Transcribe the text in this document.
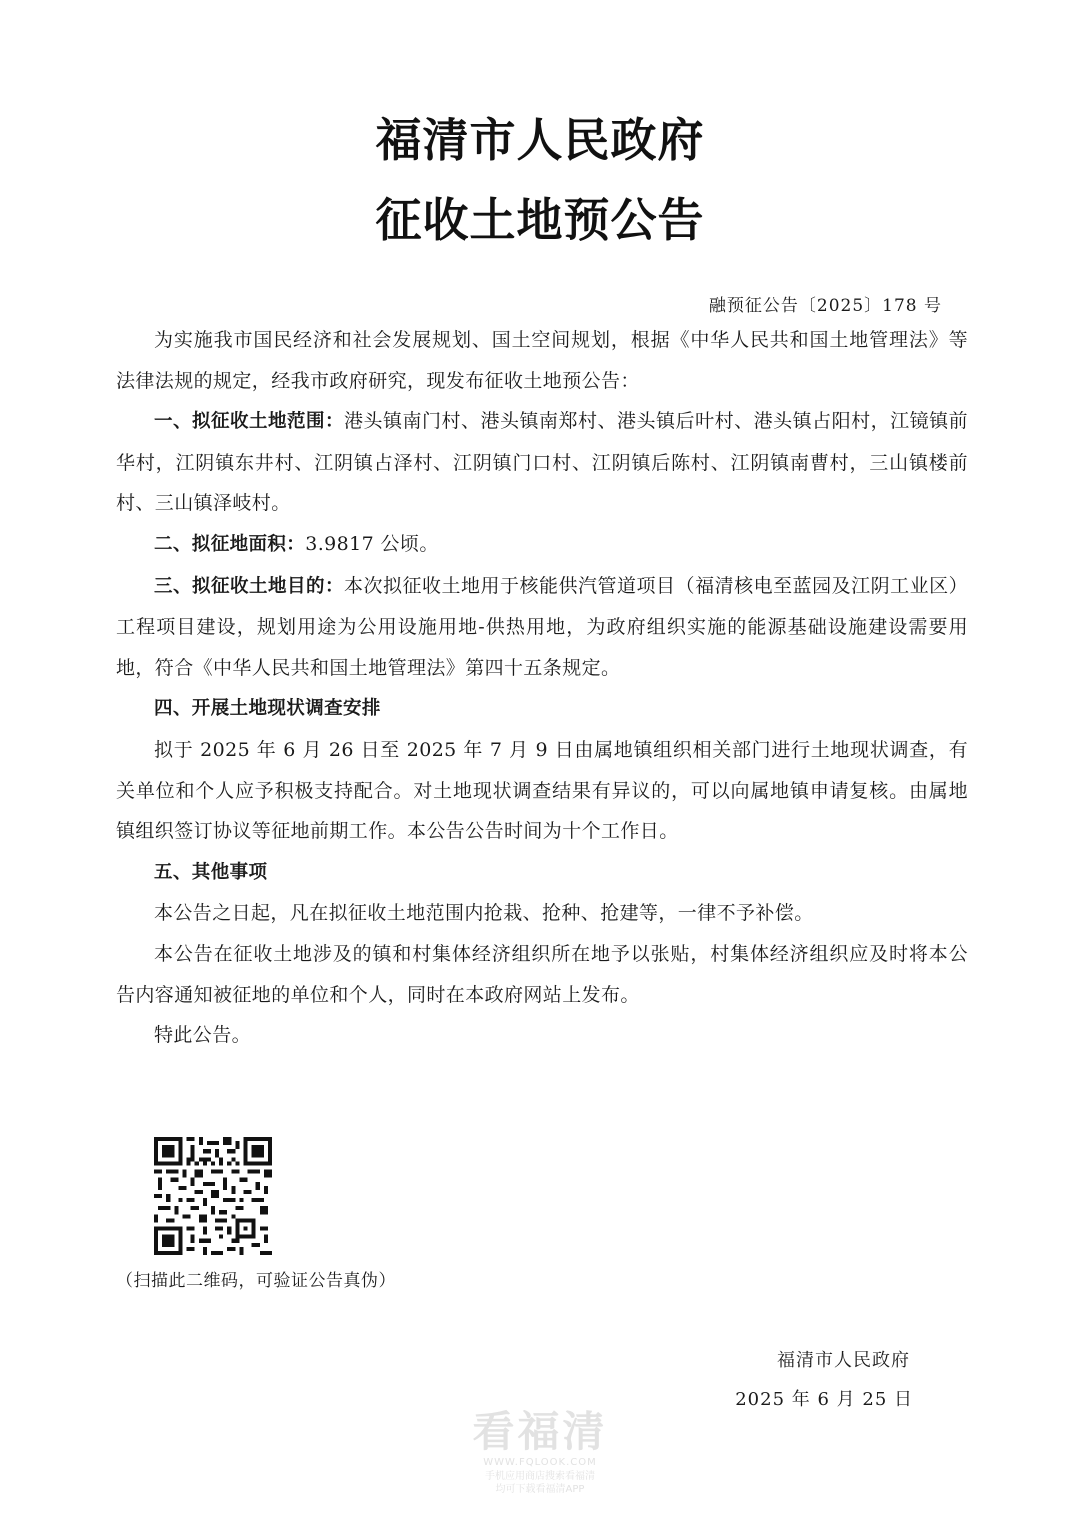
福清市人民政府
征收土地预公告
融预征公告〔2025〕178 号

为实施我市国民经济和社会发展规划、国土空间规划，根据《中华人民共和国土地管理法》等法律法规的规定，经我市政府研究，现发布征收土地预公告：

一、拟征收土地范围：港头镇南门村、港头镇南郑村、港头镇后叶村、港头镇占阳村，江镜镇前华村，江阴镇东井村、江阴镇占泽村、江阴镇门口村、江阴镇后陈村、江阴镇南曹村，三山镇楼前村、三山镇泽岐村。

二、拟征地面积：3.9817 公顷。

三、拟征收土地目的：本次拟征收土地用于核能供汽管道项目（福清核电至蓝园及江阴工业区）工程项目建设，规划用途为公用设施用地-供热用地，为政府组织实施的能源基础设施建设需要用地，符合《中华人民共和国土地管理法》第四十五条规定。

四、开展土地现状调查安排

拟于 2025 年 6 月 26 日至 2025 年 7 月 9 日由属地镇组织相关部门进行土地现状调查，有关单位和个人应予积极支持配合。对土地现状调查结果有异议的，可以向属地镇申请复核。由属地镇组织签订协议等征地前期工作。本公告公告时间为十个工作日。

五、其他事项

本公告之日起，凡在拟征收土地范围内抢栽、抢种、抢建等，一律不予补偿。

本公告在征收土地涉及的镇和村集体经济组织所在地予以张贴，村集体经济组织应及时将本公告内容通知被征地的单位和个人，同时在本政府网站上发布。

特此公告。

（扫描此二维码，可验证公告真伪）
福清市人民政府
2025 年 6 月 25 日
看福清
WWW.FQLOOK.COM
手机应用商店搜索看福清
均可下载看福清APP
